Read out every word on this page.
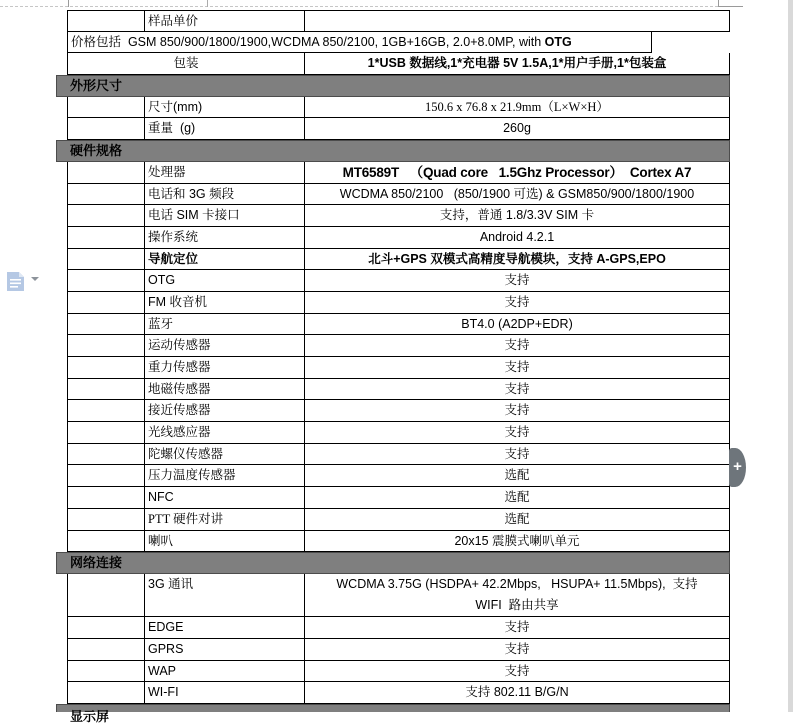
样品单价
价格包括  GSM 850/900/1800/1900,WCDMA 850/2100, 1GB+16GB, 2.0+8.0MP, with OTG
包装	1*USB 数据线,1*充电器 5V 1.5A,1*用户手册,1*包装盒
外形尺寸
尺寸(mm)	150.6 x 76.8 x 21.9mm（L×W×H）
重量  (g)	260g
硬件规格
处理器	MT6589T   （Quad core   1.5Ghz Processor）  Cortex A7
电话和 3G 频段	WCDMA 850/2100   (850/1900 可选) & GSM850/900/1800/1900
电话 SIM 卡接口	支持，普通 1.8/3.3V SIM 卡
操作系统	Android 4.2.1
导航定位	北斗+GPS 双模式高精度导航模块，支持 A-GPS,EPO
OTG	支持
FM 收音机	支持
蓝牙	BT4.0 (A2DP+EDR)
运动传感器	支持
重力传感器	支持
地磁传感器	支持
接近传感器	支持
光线感应器	支持
陀螺仪传感器	支持
压力温度传感器	选配
NFC	选配
PTT 硬件对讲	选配
喇叭	20x15 震膜式喇叭单元
网络连接
3G 通讯	WCDMA 3.75G (HSDPA+ 42.2Mbps,   HSUPA+ 11.5Mbps),  支持
WIFI  路由共享
EDGE	支持
GPRS	支持
WAP	支持
WI-FI	支持 802.11 B/G/N
显示屏
+
